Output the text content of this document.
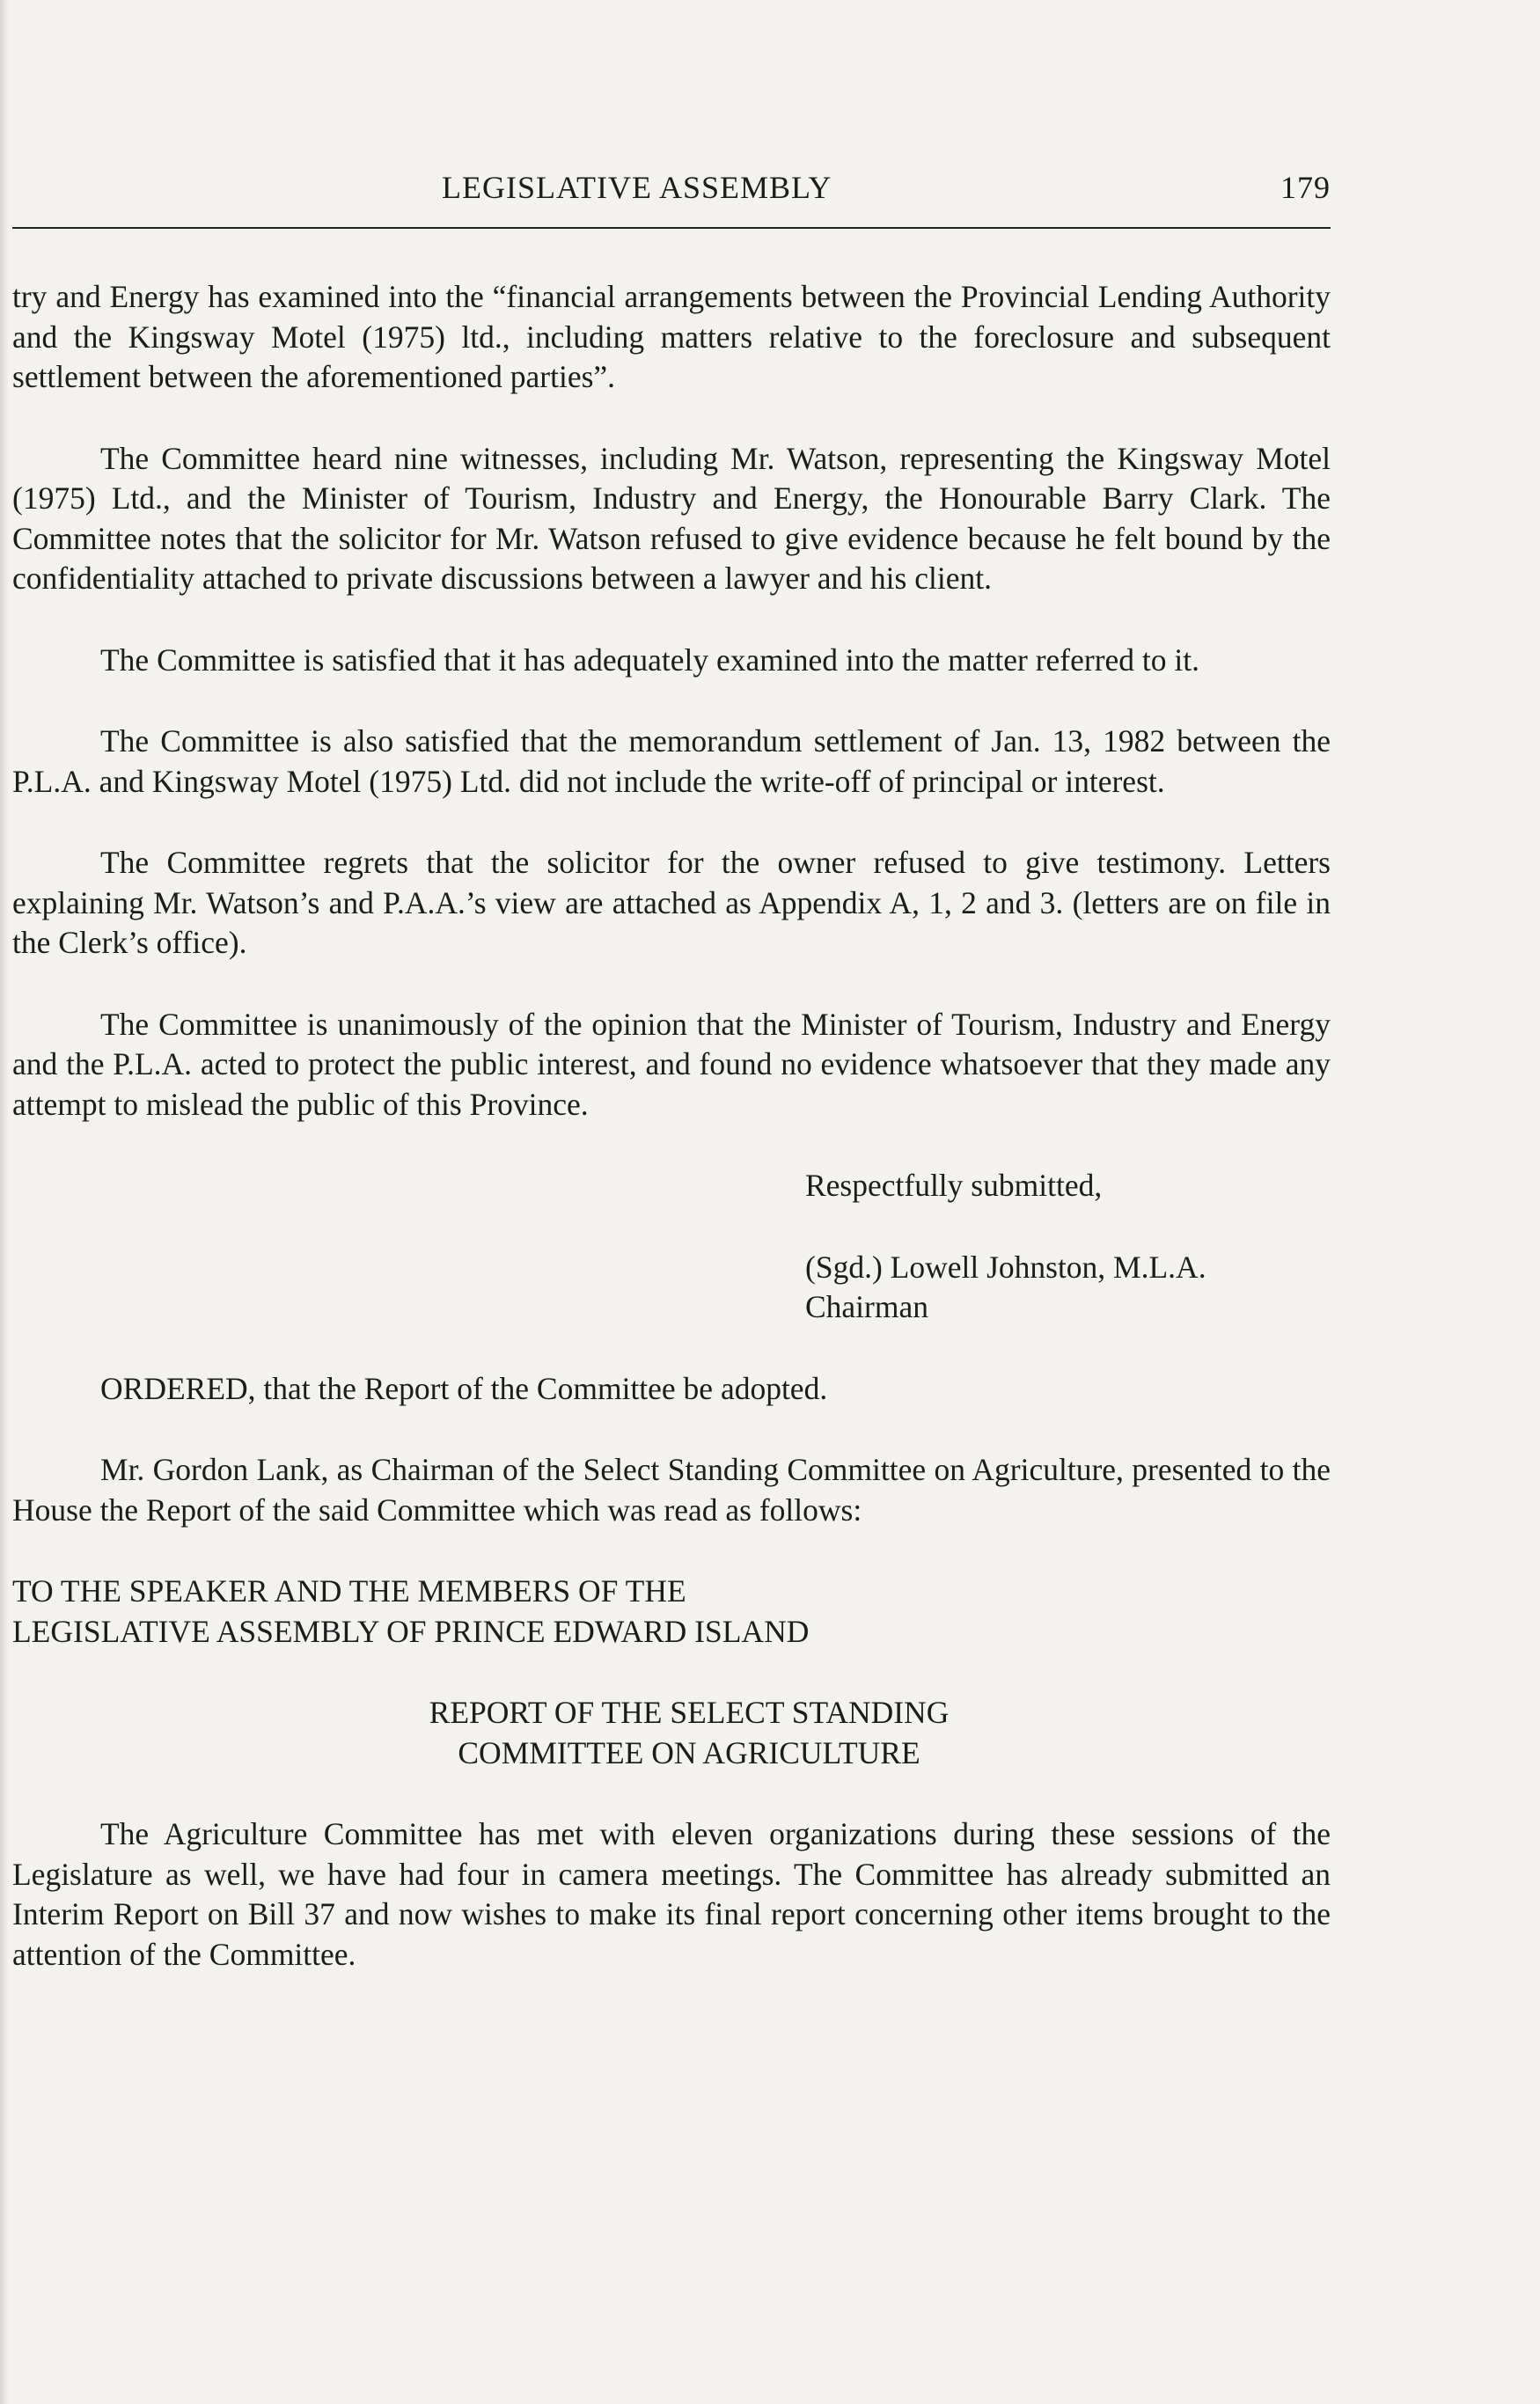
LEGISLATIVE ASSEMBLY	179

try and Energy has examined into the “financial arrangements between the Provincial Lending Authority and the Kingsway Motel (1975) ltd., including matters relative to the foreclosure and subsequent settlement between the aforementioned parties”.

The Committee heard nine witnesses, including Mr. Watson, representing the Kingsway Motel (1975) Ltd., and the Minister of Tourism, Industry and Energy, the Honourable Barry Clark. The Committee notes that the solicitor for Mr. Watson refused to give evidence because he felt bound by the confidentiality attached to private discussions between a lawyer and his client.

The Committee is satisfied that it has adequately examined into the matter referred to it.

The Committee is also satisfied that the memorandum settlement of Jan. 13, 1982 between the P.L.A. and Kingsway Motel (1975) Ltd. did not include the write-off of principal or interest.

The Committee regrets that the solicitor for the owner refused to give testimony. Letters explaining Mr. Watson’s and P.A.A.’s view are attached as Appendix A, 1, 2 and 3. (letters are on file in the Clerk’s office).

The Committee is unanimously of the opinion that the Minister of Tourism, Industry and Energy and the P.L.A. acted to protect the public interest, and found no evidence whatsoever that they made any attempt to mislead the public of this Province.

Respectfully submitted,
(Sgd.) Lowell Johnston, M.L.A.
Chairman

ORDERED, that the Report of the Committee be adopted.

Mr. Gordon Lank, as Chairman of the Select Standing Committee on Agriculture, presented to the House the Report of the said Committee which was read as follows:

TO THE SPEAKER AND THE MEMBERS OF THE
LEGISLATIVE ASSEMBLY OF PRINCE EDWARD ISLAND
REPORT OF THE SELECT STANDING
COMMITTEE ON AGRICULTURE

The Agriculture Committee has met with eleven organizations during these sessions of the Legislature as well, we have had four in camera meetings. The Committee has already submitted an Interim Report on Bill 37 and now wishes to make its final report concerning other items brought to the attention of the Committee.
